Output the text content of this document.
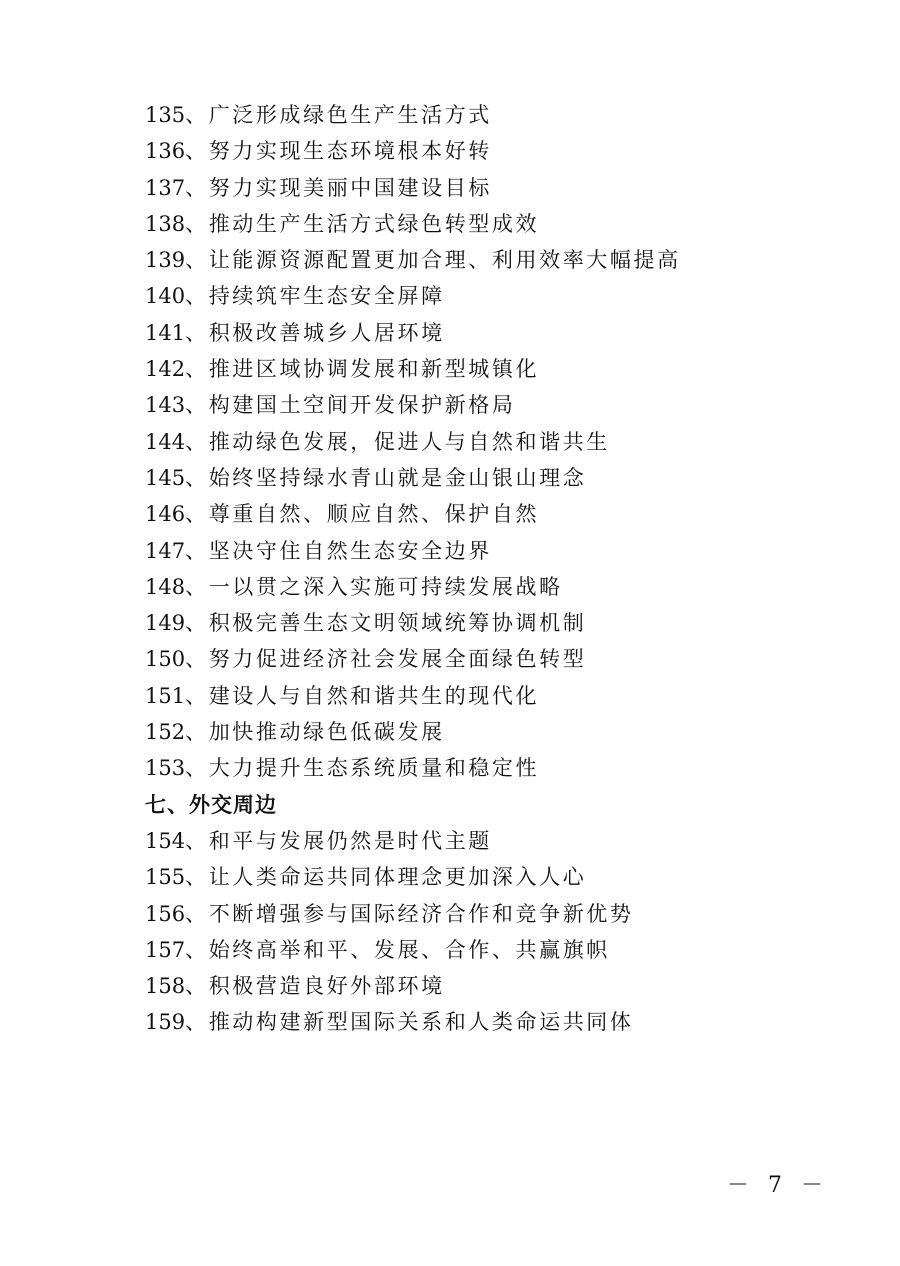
135、广泛形成绿色生产生活方式
136、努力实现生态环境根本好转
137、努力实现美丽中国建设目标
138、推动生产生活方式绿色转型成效
139、让能源资源配置更加合理、利用效率大幅提高
140、持续筑牢生态安全屏障
141、积极改善城乡人居环境
142、推进区域协调发展和新型城镇化
143、构建国土空间开发保护新格局
144、推动绿色发展，促进人与自然和谐共生
145、始终坚持绿水青山就是金山银山理念
146、尊重自然、顺应自然、保护自然
147、坚决守住自然生态安全边界
148、一以贯之深入实施可持续发展战略
149、积极完善生态文明领域统筹协调机制
150、努力促进经济社会发展全面绿色转型
151、建设人与自然和谐共生的现代化
152、加快推动绿色低碳发展
153、大力提升生态系统质量和稳定性
七、外交周边
154、和平与发展仍然是时代主题
155、让人类命运共同体理念更加深入人心
156、不断增强参与国际经济合作和竞争新优势
157、始终高举和平、发展、合作、共赢旗帜
158、积极营造良好外部环境
159、推动构建新型国际关系和人类命运共同体
－ 7 －
